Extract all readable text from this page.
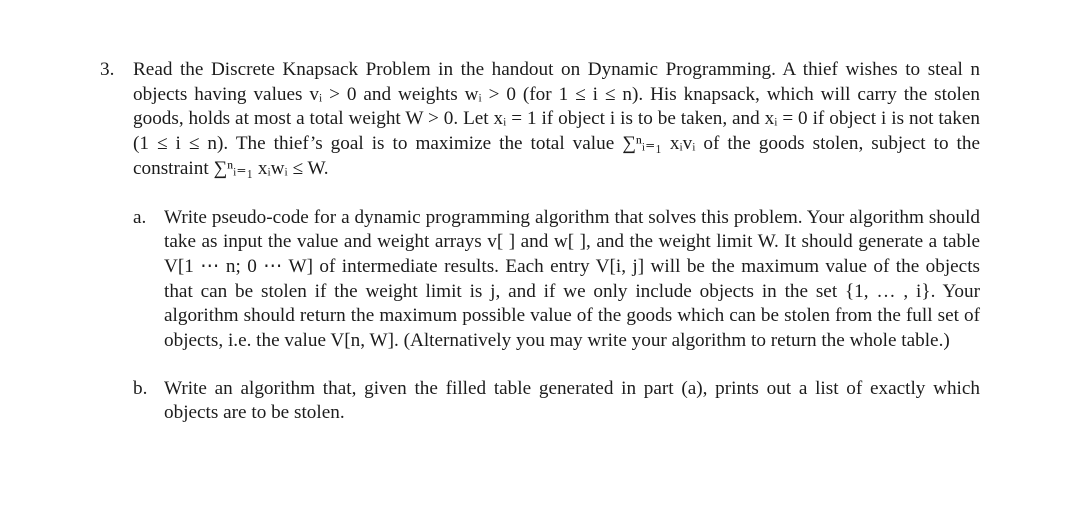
3. Read the Discrete Knapsack Problem in the handout on Dynamic Programming. A thief wishes to steal n objects having values vᵢ > 0 and weights wᵢ > 0 (for 1 ≤ i ≤ n). His knapsack, which will carry the stolen goods, holds at most a total weight W > 0. Let xᵢ = 1 if object i is to be taken, and xᵢ = 0 if object i is not taken (1 ≤ i ≤ n). The thief’s goal is to maximize the total value ∑ⁿᵢ₌₁ xᵢvᵢ of the goods stolen, subject to the constraint ∑ⁿᵢ₌₁ xᵢwᵢ ≤ W.
a. Write pseudo-code for a dynamic programming algorithm that solves this problem. Your algorithm should take as input the value and weight arrays v[ ] and w[ ], and the weight limit W. It should generate a table V[1 ⋯ n; 0 ⋯ W] of intermediate results. Each entry V[i, j] will be the maximum value of the objects that can be stolen if the weight limit is j, and if we only include objects in the set {1, … , i}. Your algorithm should return the maximum possible value of the goods which can be stolen from the full set of objects, i.e. the value V[n, W]. (Alternatively you may write your algorithm to return the whole table.)
b. Write an algorithm that, given the filled table generated in part (a), prints out a list of exactly which objects are to be stolen.
